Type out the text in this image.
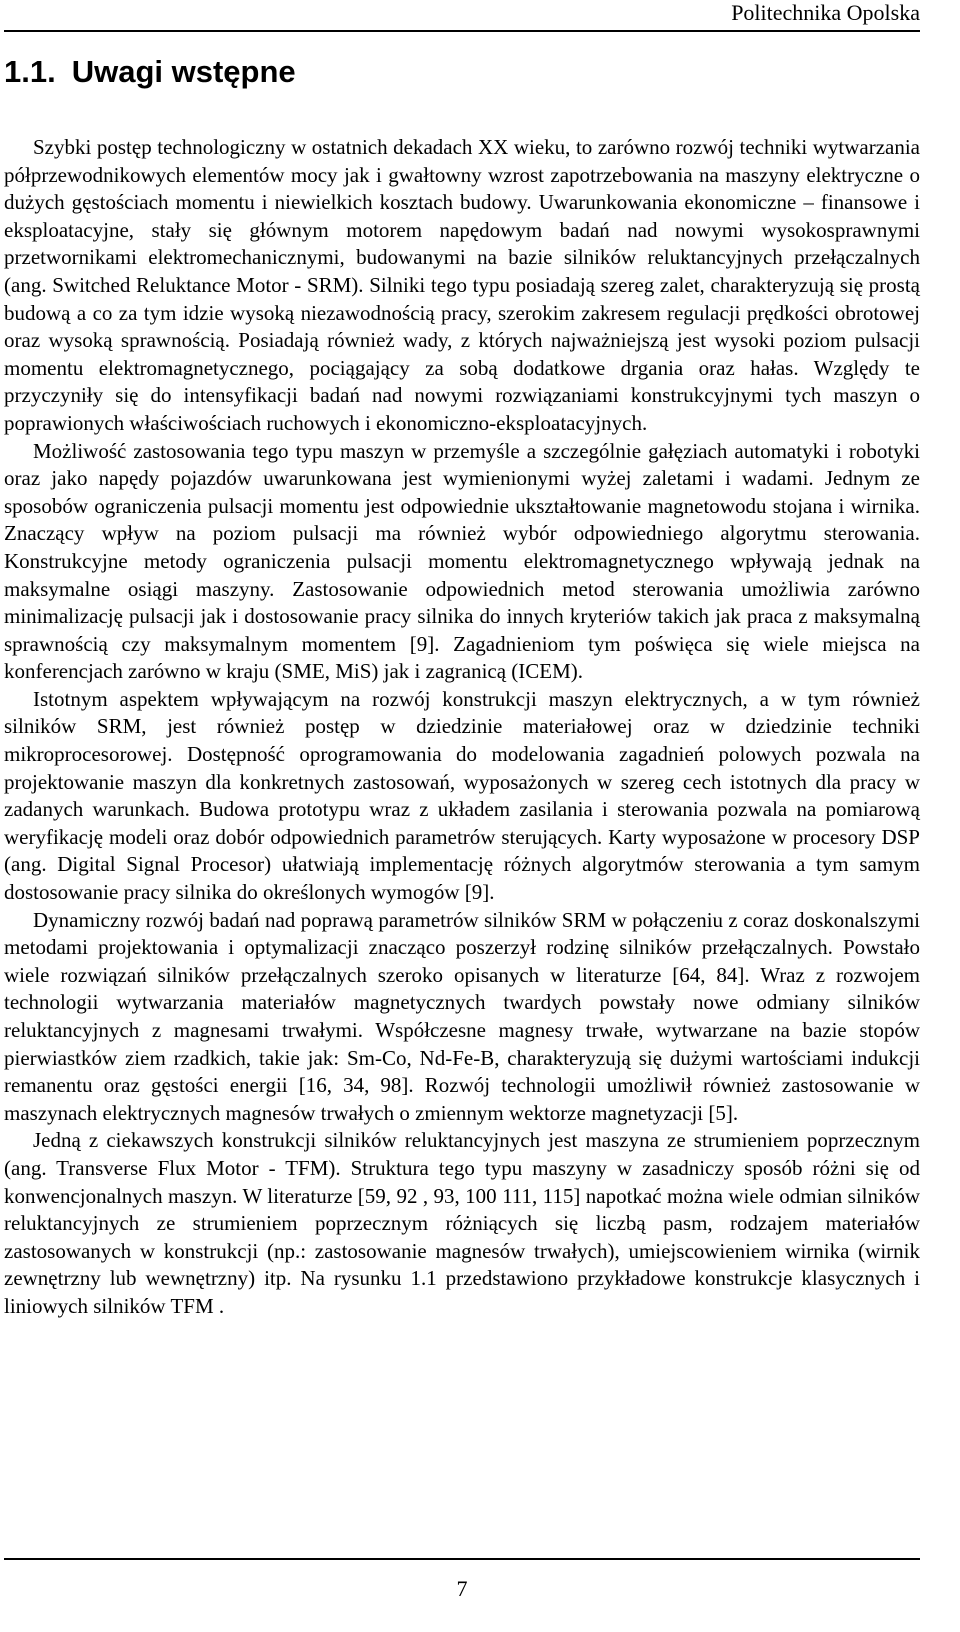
Politechnika Opolska
1.1. Uwagi wstępne

Szybki postęp technologiczny w ostatnich dekadach XX wieku, to zarówno rozwój techniki wytwarzania półprzewodnikowych elementów mocy jak i gwałtowny wzrost zapotrzebowania na maszyny elektryczne o dużych gęstościach momentu i niewielkich kosztach budowy. Uwarunkowania ekonomiczne – finansowe i eksploatacyjne, stały się głównym motorem napędowym badań nad nowymi wysokosprawnymi przetwornikami elektromechanicznymi, budowanymi na bazie silników reluktancyjnych przełączalnych (ang. Switched Reluktance Motor - SRM). Silniki tego typu posiadają szereg zalet, charakteryzują się prostą budową a co za tym idzie wysoką niezawodnością pracy, szerokim zakresem regulacji prędkości obrotowej oraz wysoką sprawnością. Posiadają również wady, z których najważniejszą jest wysoki poziom pulsacji momentu elektromagnetycznego, pociągający za sobą dodatkowe drgania oraz hałas. Względy te przyczyniły się do intensyfikacji badań nad nowymi rozwiązaniami konstrukcyjnymi tych maszyn o poprawionych właściwościach ruchowych i ekonomiczno-eksploatacyjnych.

Możliwość zastosowania tego typu maszyn w przemyśle a szczególnie gałęziach automatyki i robotyki oraz jako napędy pojazdów uwarunkowana jest wymienionymi wyżej zaletami i wadami. Jednym ze sposobów ograniczenia pulsacji momentu jest odpowiednie ukształtowanie magnetowodu stojana i wirnika. Znaczący wpływ na poziom pulsacji ma również wybór odpowiedniego algorytmu sterowania. Konstrukcyjne metody ograniczenia pulsacji momentu elektromagnetycznego wpływają jednak na maksymalne osiągi maszyny. Zastosowanie odpowiednich metod sterowania umożliwia zarówno minimalizację pulsacji jak i dostosowanie pracy silnika do innych kryteriów takich jak praca z maksymalną sprawnością czy maksymalnym momentem [9]. Zagadnieniom tym poświęca się wiele miejsca na konferencjach zarówno w kraju (SME, MiS) jak i zagranicą (ICEM).

Istotnym aspektem wpływającym na rozwój konstrukcji maszyn elektrycznych, a w tym również silników SRM, jest również postęp w dziedzinie materiałowej oraz w dziedzinie techniki mikroprocesorowej. Dostępność oprogramowania do modelowania zagadnień polowych pozwala na projektowanie maszyn dla konkretnych zastosowań, wyposażonych w szereg cech istotnych dla pracy w zadanych warunkach. Budowa prototypu wraz z układem zasilania i sterowania pozwala na pomiarową weryfikację modeli oraz dobór odpowiednich parametrów sterujących. Karty wyposażone w procesory DSP (ang. Digital Signal Procesor) ułatwiają implementację różnych algorytmów sterowania a tym samym dostosowanie pracy silnika do określonych wymogów [9].

Dynamiczny rozwój badań nad poprawą parametrów silników SRM w połączeniu z coraz doskonalszymi metodami projektowania i optymalizacji znacząco poszerzył rodzinę silników przełączalnych. Powstało wiele rozwiązań silników przełączalnych szeroko opisanych w literaturze [64, 84]. Wraz z rozwojem technologii wytwarzania materiałów magnetycznych twardych powstały nowe odmiany silników reluktancyjnych z magnesami trwałymi. Współczesne magnesy trwałe, wytwarzane na bazie stopów pierwiastków ziem rzadkich, takie jak: Sm-Co, Nd-Fe-B, charakteryzują się dużymi wartościami indukcji remanentu oraz gęstości energii [16, 34, 98]. Rozwój technologii umożliwił również zastosowanie w maszynach elektrycznych magnesów trwałych o zmiennym wektorze magnetyzacji [5].

Jedną z ciekawszych konstrukcji silników reluktancyjnych jest maszyna ze strumieniem poprzecznym (ang. Transverse Flux Motor - TFM). Struktura tego typu maszyny w zasadniczy sposób różni się od konwencjonalnych maszyn. W literaturze [59, 92 , 93, 100 111, 115] napotkać można wiele odmian silników reluktancyjnych ze strumieniem poprzecznym różniących się liczbą pasm, rodzajem materiałów zastosowanych w konstrukcji (np.: zastosowanie magnesów trwałych), umiejscowieniem wirnika (wirnik zewnętrzny lub wewnętrzny) itp. Na rysunku 1.1 przedstawiono przykładowe konstrukcje klasycznych i liniowych silników TFM .

7
